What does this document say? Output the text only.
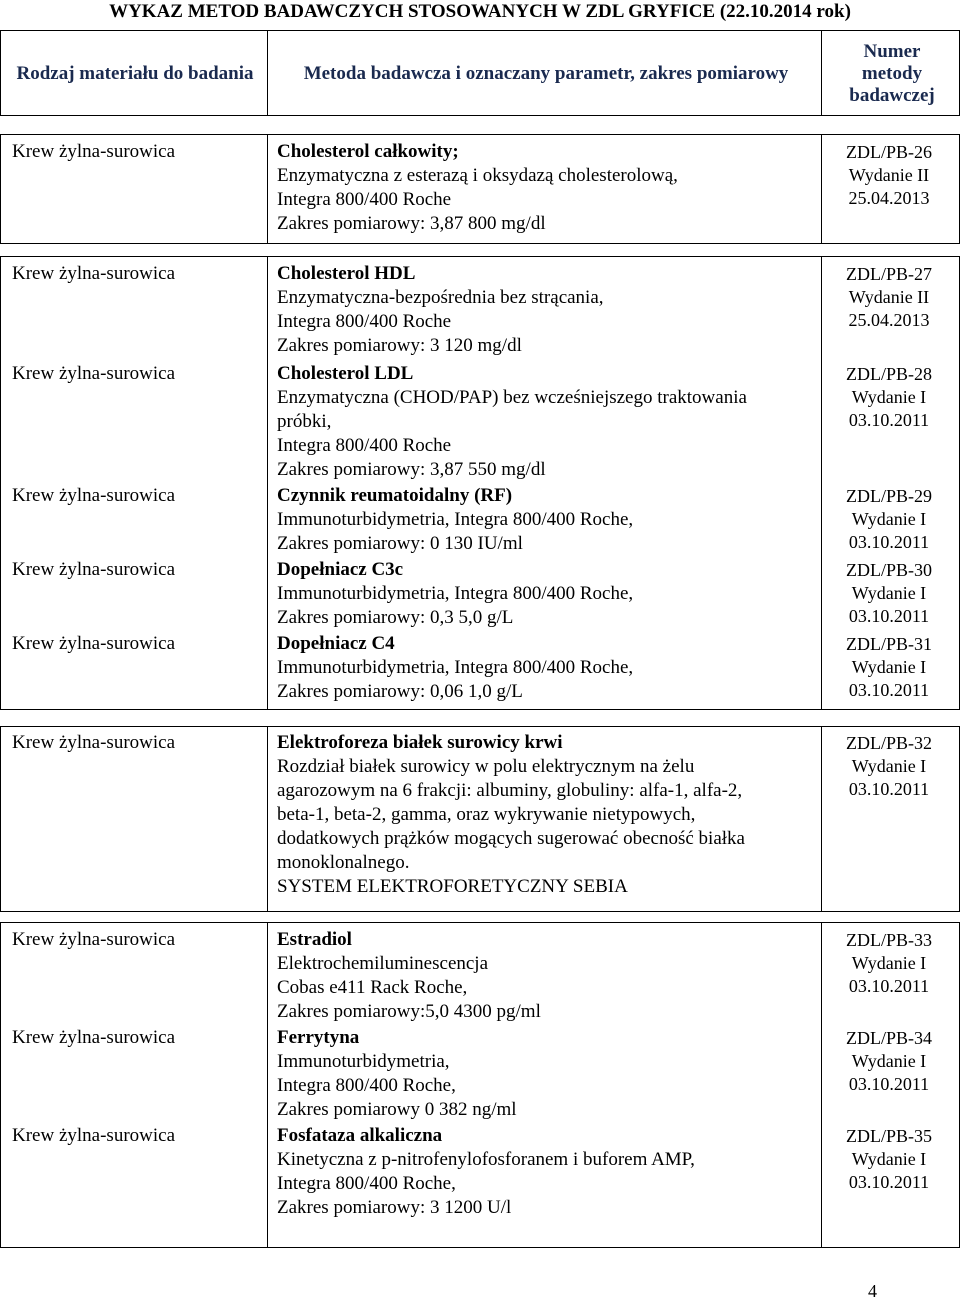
WYKAZ METOD BADAWCZYCH STOSOWANYCH W ZDL GRYFICE (22.10.2014 rok)
Rodzaj materiału do badania	Metoda badawcza i oznaczany parametr, zakres pomiarowy
Numer metody badawczej
Krew żylna-surowica	Cholesterol całkowity;
Enzymatyczna z esterazą i oksydazą cholesterolową,
Integra 800/400 Roche
Zakres pomiarowy: 3,87 800 mg/dl
ZDL/PB-26
Wydanie II
25.04.2013
Krew żylna-surowica	Cholesterol HDL
Enzymatyczna-bezpośrednia bez strącania,
Integra 800/400 Roche
Zakres pomiarowy: 3 120 mg/dl
ZDL/PB-27
Wydanie II
25.04.2013
Krew żylna-surowica	Cholesterol LDL
Enzymatyczna (CHOD/PAP) bez wcześniejszego traktowania
próbki,
Integra 800/400 Roche
Zakres pomiarowy: 3,87 550 mg/dl
ZDL/PB-28
Wydanie I
03.10.2011
Krew żylna-surowica	Czynnik reumatoidalny (RF)
Immunoturbidymetria, Integra 800/400 Roche,
Zakres pomiarowy: 0 130 IU/ml
ZDL/PB-29
Wydanie I
03.10.2011
Krew żylna-surowica	Dopełniacz C3c
Immunoturbidymetria, Integra 800/400 Roche,
Zakres pomiarowy: 0,3 5,0 g/L
ZDL/PB-30
Wydanie I
03.10.2011
Krew żylna-surowica	Dopełniacz C4
Immunoturbidymetria, Integra 800/400 Roche,
Zakres pomiarowy: 0,06 1,0 g/L
ZDL/PB-31
Wydanie I
03.10.2011
Krew żylna-surowica	Elektroforeza białek surowicy krwi
Rozdział białek surowicy w polu elektrycznym na żelu
agarozowym na 6 frakcji: albuminy, globuliny: alfa-1, alfa-2,
beta-1, beta-2, gamma, oraz wykrywanie nietypowych,
dodatkowych prążków mogących sugerować obecność białka
monoklonalnego.
SYSTEM ELEKTROFORETYCZNY SEBIA
ZDL/PB-32
Wydanie I
03.10.2011
Krew żylna-surowica	Estradiol
Elektrochemiluminescencja
Cobas e411 Rack Roche,
Zakres pomiarowy:5,0 4300 pg/ml
ZDL/PB-33
Wydanie I
03.10.2011
Krew żylna-surowica	Ferrytyna
Immunoturbidymetria,
Integra 800/400 Roche,
Zakres pomiarowy 0 382 ng/ml
ZDL/PB-34
Wydanie I
03.10.2011
Krew żylna-surowica	Fosfataza alkaliczna
Kinetyczna z p-nitrofenylofosforanem i buforem AMP,
Integra 800/400 Roche,
Zakres pomiarowy: 3 1200 U/l
ZDL/PB-35
Wydanie I
03.10.2011
4
